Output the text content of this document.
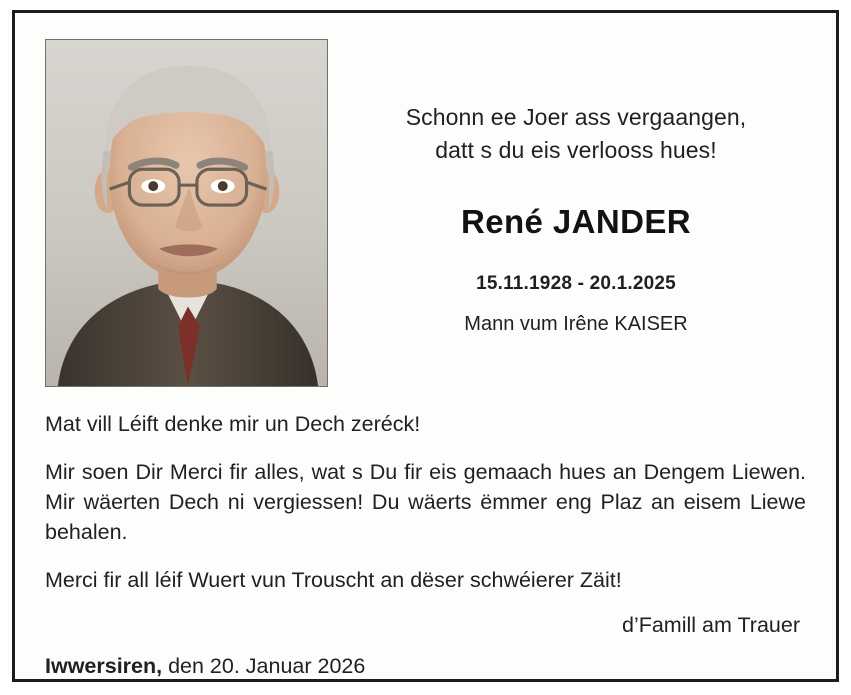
Schonn ee Joer ass vergaangen,
datt s du eis verlooss hues!
René JANDER
15.11.1928 - 20.1.2025
Mann vum Irêne KAISER

Mat vill Léift denke mir un Dech zeréck!

Mir soen Dir Merci fir alles, wat s Du fir eis gemaach hues an Dengem Liewen. Mir wäerten Dech ni vergiessen! Du wäerts ëmmer eng Plaz an eisem Liewe behalen.

Merci fir all léif Wuert vun Trouscht an dëser schwéierer Zäit!

d’Famill am Trauer
Iwwersiren, den 20. Januar 2026
